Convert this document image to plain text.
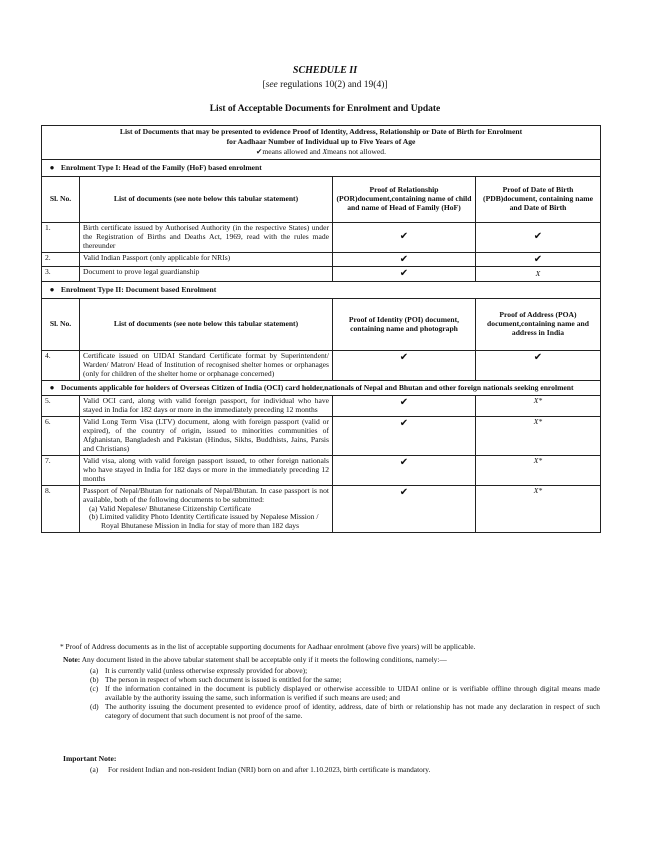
SCHEDULE II
[see regulations 10(2) and 19(4)]
List of Acceptable Documents for Enrolment and Update
List of Documents that may be presented to evidence Proof of Identity, Address, Relationship or Date of Birth for Enrolment
for Aadhaar Number of Individual up to Five Years of Age
✔means allowed and Xmeans not allowed.			

● Enrolment Type I: Head of the Family (HoF) based enrolment			
Sl. No.	List of documents (see note below this tabular statement)	Proof of Relationship (POR)document,containing name of child and name of Head of Family (HoF)	Proof of Date of Birth (PDB)document, containing name and Date of Birth
1.	Birth certificate issued by Authorised Authority (in the respective States) under the Registration of Births and Deaths Act, 1969, read with the rules made thereunder	✔	✔
2.	Valid Indian Passport (only applicable for NRIs)	✔	✔
3.	Document to prove legal guardianship	✔	X
● Enrolment Type II: Document based Enrolment			
Sl. No.	List of documents (see note below this tabular statement)	Proof of Identity (POI) document, containing name and photograph	Proof of Address (POA) document,containing name and address in India
4.	Certificate issued on UIDAI Standard Certificate format by Superintendent/ Warden/ Matron/ Head of Institution of recognised shelter homes or orphanages (only for children of the shelter home or orphanage concerned)	✔	✔
● Documents applicable for holders of Overseas Citizen of India (OCI) card holder,nationals of Nepal and Bhutan and other foreign nationals seeking enrolment			
5.	Valid OCI card, along with valid foreign passport, for individual who have stayed in India for 182 days or more in the immediately preceding 12 months	✔	X*
6.	Valid Long Term Visa (LTV) document, along with foreign passport (valid or expired), of the country of origin, issued to minorities communities of Afghanistan, Bangladesh and Pakistan (Hindus, Sikhs, Buddhists, Jains, Parsis and Christians)	✔	X*
7.	Valid visa, along with valid foreign passport issued, to other foreign nationals who have stayed in India for 182 days or more in the immediately preceding 12 months	✔	X*
8.	Passport of Nepal/Bhutan for nationals of Nepal/Bhutan. In case passport is not available, both of the following documents to be submitted:
(a) Valid Nepalese/ Bhutanese Citizenship Certificate
(b) Limited validity Photo Identity Certificate issued by Nepalese Mission / Royal Bhutanese Mission in India for stay of more than 182 days	✔	X*
* Proof of Address documents as in the list of acceptable supporting documents for Aadhaar enrolment (above five years) will be applicable.
Note: Any document listed in the above tabular statement shall be acceptable only if it meets the following conditions, namely:—
(a) It is currently valid (unless otherwise expressly provided for above);
(b) The person in respect of whom such document is issued is entitled for the same;
(c) If the information contained in the document is publicly displayed or otherwise accessible to UIDAI online or is verifiable offline through digital means made available by the authority issuing the same, such information is verified if such means are used; and
(d) The authority issuing the document presented to evidence proof of identity, address, date of birth or relationship has not made any declaration in respect of such category of document that such document is not proof of the same.
Important Note:
(a) For resident Indian and non-resident Indian (NRI) born on and after 1.10.2023, birth certificate is mandatory.
